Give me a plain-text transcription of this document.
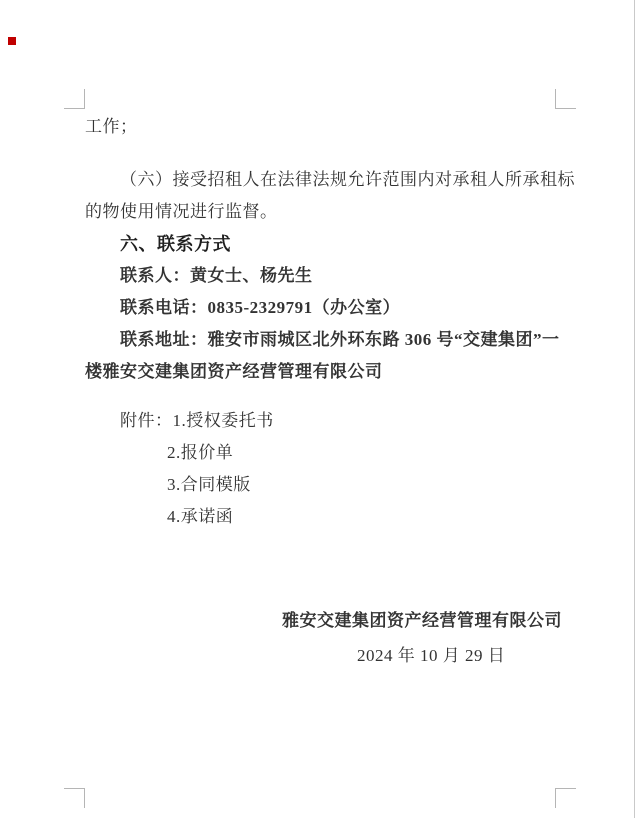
工作；
（六）接受招租人在法律法规允许范围内对承租人所承租标
的物使用情况进行监督。
六、联系方式
联系人：黄女士、杨先生
联系电话：0835-2329791（办公室）
联系地址：雅安市雨城区北外环东路 306 号“交建集团”一
楼雅安交建集团资产经营管理有限公司
附件：1.授权委托书
2.报价单
3.合同模版
4.承诺函
雅安交建集团资产经营管理有限公司
2024 年 10 月 29 日
